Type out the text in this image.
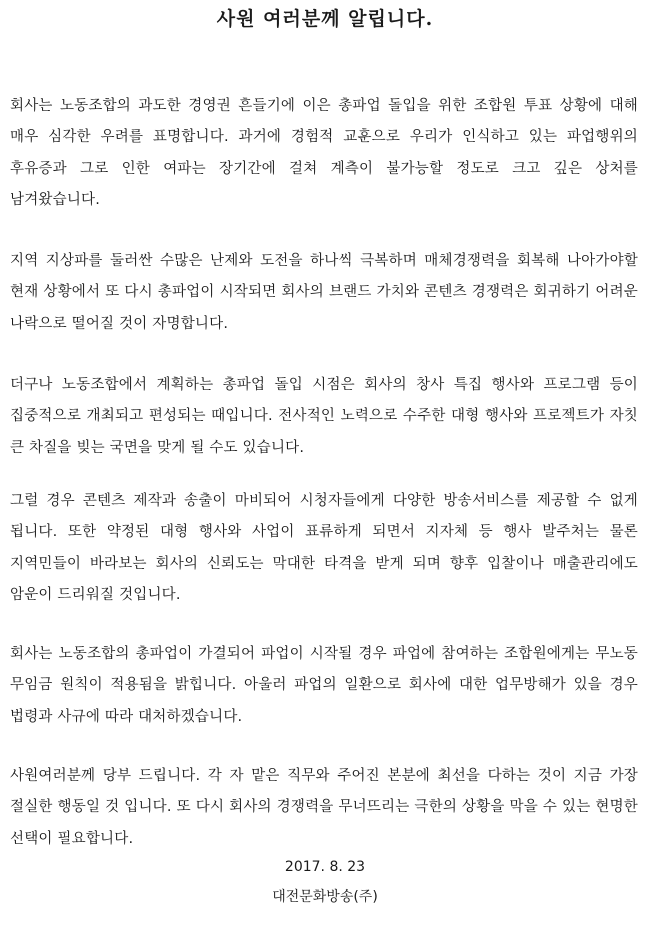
사원 여러분께 알립니다.

회사는 노동조합의 과도한 경영권 흔들기에 이은 총파업 돌입을 위한 조합원 투표 상황에 대해 매우 심각한 우려를 표명합니다. 과거에 경험적 교훈으로 우리가 인식하고 있는 파업행위의 후유증과 그로 인한 여파는 장기간에 걸쳐 계측이 불가능할 정도로 크고 깊은 상처를 남겨왔습니다.

지역 지상파를 둘러싼 수많은 난제와 도전을 하나씩 극복하며 매체경쟁력을 회복해 나아가야할 현재 상황에서 또 다시 총파업이 시작되면 회사의 브랜드 가치와 콘텐츠 경쟁력은 회귀하기 어려운 나락으로 떨어질 것이 자명합니다.

더구나 노동조합에서 계획하는 총파업 돌입 시점은 회사의 창사 특집 행사와 프로그램 등이 집중적으로 개최되고 편성되는 때입니다. 전사적인 노력으로 수주한 대형 행사와 프로젝트가 자칫 큰 차질을 빚는 국면을 맞게 될 수도 있습니다.

그럴 경우 콘텐츠 제작과 송출이 마비되어 시청자들에게 다양한 방송서비스를 제공할 수 없게 됩니다. 또한 약정된 대형 행사와 사업이 표류하게 되면서 지자체 등 행사 발주처는 물론 지역민들이 바라보는 회사의 신뢰도는 막대한 타격을 받게 되며 향후 입찰이나 매출관리에도 암운이 드리워질 것입니다.

회사는 노동조합의 총파업이 가결되어 파업이 시작될 경우 파업에 참여하는 조합원에게는 무노동 무임금 원칙이 적용됨을 밝힙니다. 아울러 파업의 일환으로 회사에 대한 업무방해가 있을 경우 법령과 사규에 따라 대처하겠습니다.

사원여러분께 당부 드립니다. 각 자 맡은 직무와 주어진 본분에 최선을 다하는 것이 지금 가장 절실한 행동일 것 입니다. 또 다시 회사의 경쟁력을 무너뜨리는 극한의 상황을 막을 수 있는 현명한 선택이 필요합니다.

2017. 8. 23
대전문화방송(주)
